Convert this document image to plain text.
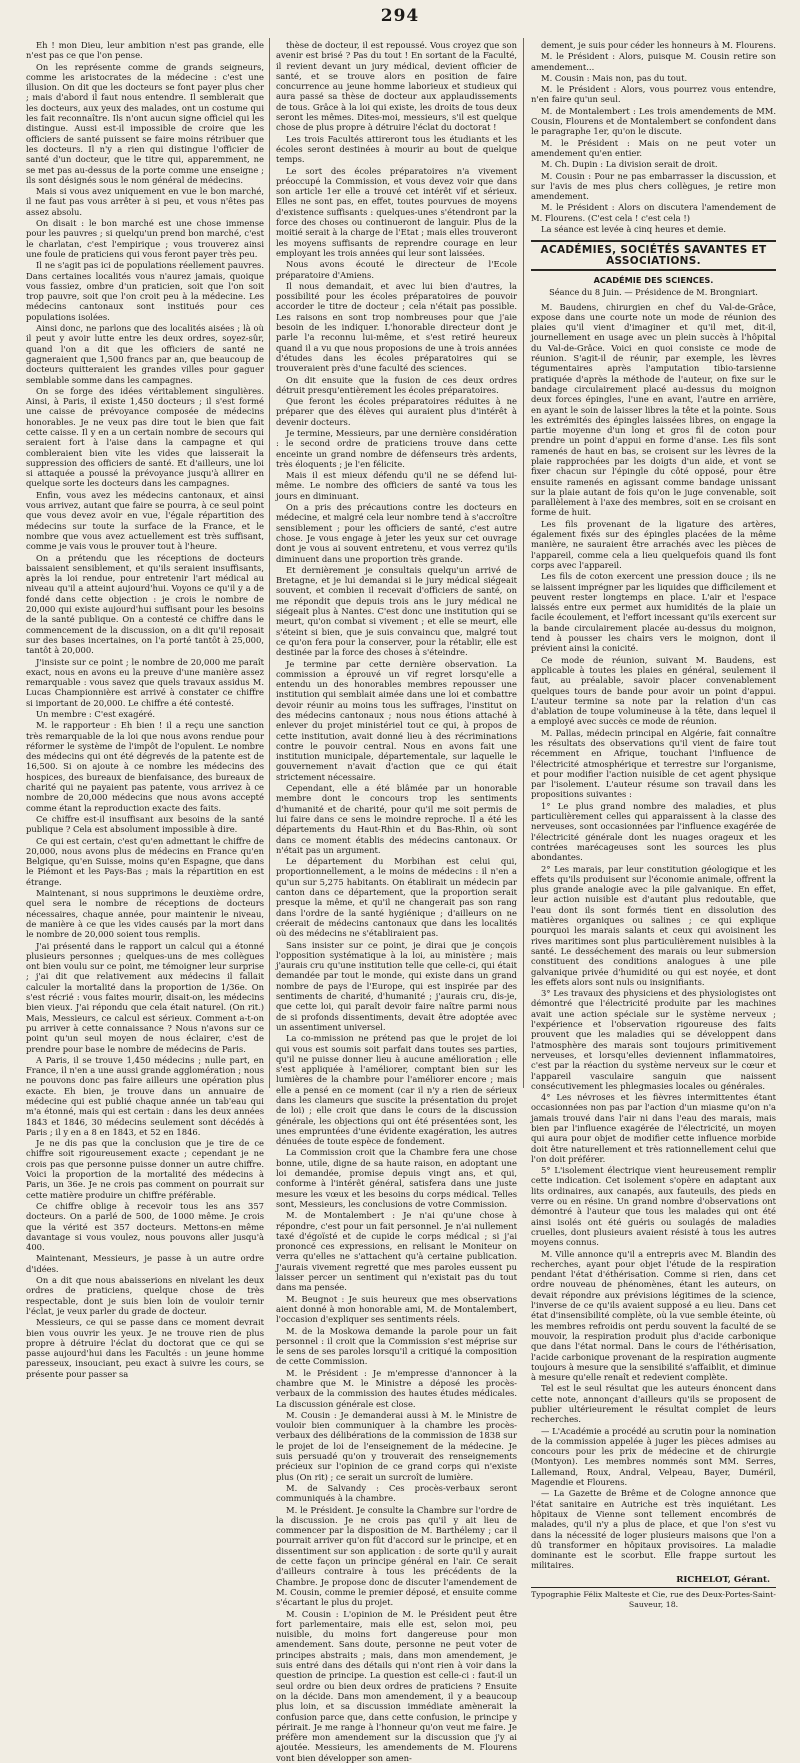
294

Eh ! mon Dieu, leur ambition n'est pas grande, elle n'est pas ce que l'on pense.

On les représente comme de grands seigneurs, comme les aristocrates de la médecine : c'est une illusion. On dit que les docteurs se font payer plus cher ; mais d'abord il faut nous entendre. Il semblerait que les docteurs, aux yeux des malades, ont un costume qui les fait reconnaître. Ils n'ont aucun signe officiel qui les distingue. Aussi est-il impossible de croire que les officiers de santé puissent se faire moins rétribuer que les docteurs. Il n'y a rien qui distingue l'officier de santé d'un docteur, que le titre qui, apparemment, ne se met pas au-dessus de la porte comme une enseigne ; ils sont désignés sous le nom général de médecins.

Mais si vous avez uniquement en vue le bon marché, il ne faut pas vous arrêter à si peu, et vous n'êtes pas assez absolu.

On disait : le bon marché est une chose immense pour les pauvres ; si quelqu'un prend bon marché, c'est le charlatan, c'est l'empirique ; vous trouverez ainsi une foule de praticiens qui vous feront payer très peu.

Il ne s'agit pas ici de populations réellement pauvres. Dans certaines localités vous n'aurez jamais, quoique vous fassiez, ombre d'un praticien, soit que l'on soit trop pauvre, soit que l'on croit peu à la médecine. Les médecins cantonaux sont institués pour ces populations isolées.

Ainsi donc, ne parlons que des localités aisées ; là où il peut y avoir lutte entre les deux ordres, soyez-sûr, quand l'on a dit que les officiers de santé ne gagneraient que 1,500 francs par an, que beaucoup de docteurs quitteraient les grandes villes pour gaguer semblable somme dans les campagnes.

On se forge des idées véritablement singulières. Ainsi, à Paris, il existe 1,450 docteurs ; il s'est formé une caisse de prévoyance composée de médecins honorables. Je ne veux pas dire tout le bien que fait cette caisse. Il y en a un certain nombre de secours qui seraient fort à l'aise dans la campagne et qui combleraient bien vite les vides que laisserait la suppression des officiers de santé. Et d'ailleurs, une loi si attaquée a poussé la prévoyance jusqu'à allirer en quelque sorte les docteurs dans les campagnes.

Enfin, vous avez les médecins cantonaux, et ainsi vous arrivez, autant que faire se pourra, à ce seul point que vous devez avoir en vue, l'égale répartition des médecins sur toute la surface de la France, et le nombre que vous avez actuellement est très suffisant, comme je vais vous le prouver tout à l'heure.

On a prétendu que les réceptions de docteurs baissaient sensiblement, et qu'ils seraient insuffisants, après la loi rendue, pour entretenir l'art médical au niveau qu'il a atteint aujourd'hui. Voyons ce qu'il y a de fondé dans cette objection : je crois le nombre de 20,000 qui existe aujourd'hui suffisant pour les besoins de la santé publique. On a contesté ce chiffre dans le commencement de la discussion, on a dit qu'il reposait sur des bases incertaines, on l'a porté tantôt à 25,000, tantôt à 20,000.

J'insiste sur ce point ; le nombre de 20,000 me paraît exact, nous en avons eu la preuve d'une manière assez remarquable : vous savez que quels travaux assidus M. Lucas Championnière est arrivé à constater ce chiffre si important de 20,000. Le chiffre a été contesté.

Un membre : C'est exagéré.

M. le rapporteur : Eh bien ! il a reçu une sanction très remarquable de la loi que nous avons rendue pour réformer le système de l'impôt de l'opulent. Le nombre des médecins qui ont été dégrevés de la patente est de 16,500. Si on ajoute à ce nombre les médecins des hospices, des bureaux de bienfaisance, des bureaux de charité qui ne payaient pas patente, vous arrivez à ce nombre de 20,000 médecins que nous avons accepté comme étant la reproduction exacte des faits.

Ce chiffre est-il insuffisant aux besoins de la santé publique ? Cela est absolument impossible à dire.

Ce qui est certain, c'est qu'en admettant le chiffre de 20,000, nous avons plus de médecins en France qu'en Belgique, qu'en Suisse, moins qu'en Espagne, que dans le Piémont et les Pays-Bas ; mais la répartition en est étrange.

Maintenant, si nous supprimons le deuxième ordre, quel sera le nombre de réceptions de docteurs nécessaires, chaque année, pour maintenir le niveau, de manière à ce que les vides causés par la mort dans le nombre de 20,000 soient tous remplis.

J'ai présenté dans le rapport un calcul qui a étonné plusieurs personnes ; quelques-uns de mes collègues ont bien voulu sur ce point, me témoigner leur surprise ; j'ai dit que relativement aux médecins il fallait calculer la mortalité dans la proportion de 1/36e. On s'est récrié : vous faites mourir, disait-on, les médecins bien vieux. J'ai répondu que cela était naturel. (On rit.) Mais, Messieurs, ce calcul est sérieux. Comment a-t-on pu arriver à cette connaissance ? Nous n'avons sur ce point qu'un seul moyen de nous éclairer, c'est de prendre pour base le nombre de médecins de Paris.

A Paris, il se trouve 1,450 médecins ; nulle part, en France, il n'en a une aussi grande agglomération ; nous ne pouvons donc pas faire ailleurs une opération plus exacte. Eh bien, je trouve dans un annuaire de médecine qui est publié chaque année un tab'eau qui m'a étonné, mais qui est certain : dans les deux années 1843 et 1846, 30 médecins seulement sont décédés à Paris ; il y en a 8 en 1843, et 52 en 1846.

Je ne dis pas que la conclusion que je tire de ce chiffre soit rigoureusement exacte ; cependant je ne crois pas que personne puisse donner un autre chiffre. Voici la proportion de la mortalité des médecins à Paris, un 36e. Je ne crois pas comment on pourrait sur cette matière produire un chiffre préférable.

Ce chiffre oblige à recevoir tous les ans 357 docteurs. On a parlé de 500, de 1000 même. Je crois que la vérité est 357 docteurs. Mettons-en même davantage si vous voulez, nous pouvons aller jusqu'à 400.

Maintenant, Messieurs, je passe à un autre ordre d'idées.

On a dit que nous abaisserions en nivelant les deux ordres de praticiens, quelque chose de très respectable, dont je suis bien loin de vouloir ternir l'éclat, je veux parler du grade de docteur.

Messieurs, ce qui se passe dans ce moment devrait bien vous ouvrir les yeux. Je ne trouve rien de plus propre à détruire l'éclat du doctorat que ce qui se passe aujourd'hui dans les Facultés : un jeune homme paresseux, insouciant, peu exact à suivre les cours, se présente pour passer sa

thèse de docteur, il est repoussé. Vous croyez que son avenir est brisé ? Pas du tout ! En sortant de la Faculté, il revient devant un jury médical, devient officier de santé, et se trouve alors en position de faire concurrence au jeune homme laborieux et studieux qui aura passé sa thèse de docteur aux applaudissements de tous. Grâce à la loi qui existe, les droits de tous deux seront les mêmes. Dites-moi, messieurs, s'il est quelque chose de plus propre à détruire l'éclat du doctorat !

Les trois Facultés attireront tous les étudiants et les écoles seront destinées à mourir au bout de quelque temps.

Le sort des écoles préparatoires n'a vivement préoccupé la Commission, et vous devez voir que dans son article 1er elle a trouvé cet intérêt vif et sérieux. Elles ne sont pas, en effet, toutes pourvues de moyens d'existence suffisants : quelques-unes s'étendront par la force des choses ou continueront de languir. Plus de la moitié serait à la charge de l'Etat ; mais elles trouveront les moyens suffisants de reprendre courage en leur employant les trois années qui leur sont laissées.

Nous avons écouté le directeur de l'Ecole préparatoire d'Amiens.

Il nous demandait, et avec lui bien d'autres, la possibilité pour les écoles préparatoires de pouvoir accorder le titre de docteur ; cela n'était pas possible. Les raisons en sont trop nombreuses pour que j'aie besoin de les indiquer. L'honorable directeur dont je parle l'a reconnu lui-même, et s'est retiré heureux quand il a vu que nous proposions de une à trois années d'études dans les écoles préparatoires qui se trouveraient près d'une faculté des sciences.

On dit ensuite que la fusion de ces deux ordres détruit presqu'entièrement les écoles préparatoires.

Que feront les écoles préparatoires réduites à ne préparer que des élèves qui auraient plus d'intérêt à devenir docteurs.

Je termine, Messieurs, par une dernière considération : le second ordre de praticiens trouve dans cette enceinte un grand nombre de défenseurs très ardents, très éloquents ; je l'en félicite.

Mais il est mieux défendu qu'il ne se défend lui-même. Le nombre des officiers de santé va tous les jours en diminuant.

On a pris des précautions contre les docteurs en médecine, et malgré cela leur nombre tend à s'accroître sensiblement ; pour les officiers de santé, c'est autre chose. Je vous engage à jeter les yeux sur cet ouvrage dont je vous ai souvent entretenu, et vous verrez qu'ils diminuent dans une proportion très grande.

Et dernièrement je consultais quelqu'un arrivé de Bretagne, et je lui demandai si le jury médical siégeait souvent, et combien il recevait d'officiers de santé, on me répondit que depuis trois ans le jury médical ne siégeait plus à Nantes. C'est donc une institution qui se meurt, qu'on combat si vivement ; et elle se meurt, elle s'éteint si bien, que je suis convaincu que, malgré tout ce qu'on fera pour la conserver, pour la rétablir, elle est destinée par la force des choses à s'éteindre.

Je termine par cette dernière observation. La commission a éprouvé un vif regret lorsqu'elle a entendu un des honorables membres repousser une institution qui semblait aimée dans une loi et combattre devoir réunir au moins tous les suffrages, l'institut on des médecins cantonaux ; nous nous étions attaché à enlever du projet ministériel tout ce qui, à propos de cette institution, avait donné lieu à des récriminations contre le pouvoir central. Nous en avons fait une institution municipale, départementale, sur laquelle le gouvernement n'avait d'action que ce qui était strictement nécessaire.

Cependant, elle a été blâmée par un honorable membre dont le concours trop les sentiments d'humanité et de charité, pour qu'il me soit permis de lui faire dans ce sens le moindre reproche. Il a été les départements du Haut-Rhin et du Bas-Rhin, où sont dans ce moment établis des médecins cantonaux. Or n'était pas un argument.

Le département du Morbihan est celui qui, proportionnellement, a le moins de médecins : il n'en a qu'un sur 5,275 habitants. On établirait un médecin par canton dans ce département, que la proportion serait presque la même, et qu'il ne changerait pas son rang dans l'ordre de la santé hygiénique ; d'ailleurs on ne créerait de médecins cantonaux que dans les localités où des médecins ne s'établiraient pas.

Sans insister sur ce point, je dirai que je conçois l'opposition systématique à la loi, au ministère ; mais j'aurais cru qu'une institution telle que celle-ci, qui était demandée par tout le monde, qui existe dans un grand nombre de pays de l'Europe, qui est inspirée par des sentiments de charité, d'humanité ; j'aurais cru, dis-je, que cette loi, qui paraît devoir faire naître parmi nous de si profonds dissentiments, devait être adoptée avec un assentiment universel.

La co-mmission ne prétend pas que le projet de loi qui vous est soumis soit parfait dans toutes ses parties, qu'il ne puisse donner lieu à aucune amélioration ; elle s'est appliquée à l'améliorer, comptant bien sur les lumières de la chambre pour l'améliorer encore ; mais elle a pensé en ce moment (car il n'y a rien de sérieux dans les clameurs que suscite la présentation du projet de loi) ; elle croit que dans le cours de la discussion générale, les objections qui ont été présentées sont, les unes empruntées d'une évidente exagération, les autres dénuées de toute espèce de fondement.

La Commission croit que la Chambre fera une chose bonne, utile, digne de sa haute raison, en adoptant une loi demandée, promise depuis vingt ans, et qui, conforme à l'intérêt général, satisfera dans une juste mesure les vœux et les besoins du corps médical. Telles sont, Messieurs, les conclusions de votre Commission.

M. de Montalembert : Je n'ai qu'une chose à répondre, c'est pour un fait personnel. Je n'ai nullement taxé d'égoïsté et de cupide le corps médical ; si j'ai prononcé ces expressions, en relisant le Moniteur on verra qu'elles ne s'attachent qu'à certaine publication. J'aurais vivement regretté que mes paroles eussent pu laisser percer un sentiment qui n'existait pas du tout dans ma pensée.

M. Beugnot : Je suis heureux que mes observations aient donné à mon honorable ami, M. de Montalembert, l'occasion d'expliquer ses sentiments réels.

M. de la Moskowa demande la parole pour un fait personnel : il croit que la Commission s'est méprise sur le sens de ses paroles lorsqu'il a critiqué la composition de cette Commission.

M. le Président : Je m'empresse d'annoncer à la chambre que M. le Ministre a déposé les procès-verbaux de la commission des hautes études médicales. La discussion générale est close.

M. Cousin : Je demanderai aussi à M. le Ministre de vouloir bien communiquer à la chambre les procès-verbaux des délibérations de la commission de 1838 sur le projet de loi de l'enseignement de la médecine. Je suis persuadé qu'on y trouverait des renseignements précieux sur l'opinion de ce grand corps qui n'existe plus (On rit) ; ce serait un surcroît de lumière.

M. de Salvandy : Ces procès-verbaux seront communiqués à la chambre.

M. le Président. Je consulte la Chambre sur l'ordre de la discussion. Je ne crois pas qu'il y ait lieu de commencer par la disposition de M. Barthélemy ; car il pourrait arriver qu'on fût d'accord sur le principe, et en dissentiment sur son application : de sorte qu'il y aurait de cette façon un principe général en l'air. Ce serait d'ailleurs contraire à tous les précédents de la Chambre. Je propose donc de discuter l'amendement de M. Cousin, comme le premier déposé, et ensuite comme s'écartant le plus du projet.

M. Cousin : L'opinion de M. le Président peut être fort parlementaire, mais elle est, selon moi, peu nuisible, du moins fort dangereuse pour mon amendement. Sans doute, personne ne peut voter de principes abstraits ; mais, dans mon amendement, je suis entré dans des détails qui n'ont rien à voir dans la question de principe. La question est celle-ci : faut-il un seul ordre ou bien deux ordres de praticiens ? Ensuite on la décide. Dans mon amendement, il y a beaucoup plus loin, et sa discussion immédiate amènerait la confusion parce que, dans cette confusion, le principe y périrait. Je me range à l'honneur qu'on veut me faire. Je préfère mon amendement sur la discussion que j'y ai ajoutée. Messieurs, les amendements de M. Flourens vont bien développer son amen-

dement, je suis pour céder les honneurs à M. Flourens.

M. le Président : Alors, puisque M. Cousin retire son amendement...

M. Cousin : Mais non, pas du tout.

M. le Président : Alors, vous pourrez vous entendre, n'en faire qu'un seul.

M. de Montalembert : Les trois amendements de MM. Cousin, Flourens et de Montalembert se confondent dans le paragraphe 1er, qu'on le discute.

M. le Président : Mais on ne peut voter un amendement qu'en entier.

M. Ch. Dupin : La division serait de droit.

M. Cousin : Pour ne pas embarrasser la discussion, et sur l'avis de mes plus chers collègues, je retire mon amendement.

M. le Président : Alors on discutera l'amendement de M. Flourens. (C'est cela ! c'est cela !)

La séance est levée à cinq heures et demie.

ACADÉMIES, SOCIÉTÉS SAVANTES ET ASSOCIATIONS.
ACADÉMIE DES SCIENCES.
Séance du 8 Juin. — Présidence de M. Brongniart.

M. Baudens, chirurgien en chef du Val-de-Grâce, expose dans une courte note un mode de réunion des plaies qu'il vient d'imaginer et qu'il met, dit-il, journellement en usage avec un plein succès à l'hôpital du Val-de-Grâce. Voici en quoi consiste ce mode de réunion. S'agit-il de réunir, par exemple, les lèvres tégumentaires après l'amputation tibio-tarsienne pratiquée d'après la méthode de l'auteur, on fixe sur le bandage circulairement placé au-dessus du moignon deux forces épingles, l'une en avant, l'autre en arrière, en ayant le soin de laisser libres la tête et la pointe. Sous les extrémités des épingles laissées libres, on engage la partie moyenne d'un long et gros fil de coton pour prendre un point d'appui en forme d'anse. Les fils sont ramenés de haut en bas, se croisent sur les lèvres de la plaie rapprochées par les doigts d'un aide, et vont se fixer chacun sur l'épingle du côté opposé, pour être ensuite ramenés en agissant comme bandage unissant sur la plaie autant de fois qu'on le juge convenable, soit parallèlement à l'axe des membres, soit en se croisant en forme de huit.

Les fils provenant de la ligature des artères, également fixés sur des épingles placées de la même manière, ne sauraient être arrachés avec les pièces de l'appareil, comme cela a lieu quelquefois quand ils font corps avec l'appareil.

Les fils de coton exercent une pression douce ; ils ne se laissent imprégner par les liquides que difficilement et peuvent rester longtemps en place. L'air et l'espace laissés entre eux permet aux humidités de la plaie un facile écoulement, et l'effort incessant qu'ils exercent sur la bande circulairement placée au-dessus du moignon, tend à pousser les chairs vers le moignon, dont il prévient ainsi la conicité.

Ce mode de réunion, suivant M. Baudens, est applicable à toutes les plaies en général, seulement il faut, au préalable, savoir placer convenablement quelques tours de bande pour avoir un point d'appui. L'auteur termine sa note par la relation d'un cas d'ablation de toupe volumineuse à la tête, dans lequel il a employé avec succès ce mode de réunion.

M. Pallas, médecin principal en Algérie, fait connaître les résultats des observations qu'il vient de faire tout récemment en Afrique, touchant l'influence de l'électricité atmosphérique et terrestre sur l'organisme, et pour modifier l'action nuisible de cet agent physique par l'isolement. L'auteur résume son travail dans les propositions suivantes :

1° Le plus grand nombre des maladies, et plus particulièrement celles qui apparaissent à la classe des nerveuses, sont occasionnées par l'influence exagérée de l'électricité générale dont les nuages orageux et les contrées marécageuses sont les sources les plus abondantes.

2° Les marais, par leur constitution géologique et les effets qu'ils produisent sur l'économie animale, offrent la plus grande analogie avec la pile galvanique. En effet, leur action nuisible est d'autant plus redoutable, que l'eau dont ils sont formés tient en dissolution des matières organiques ou salines ; ce qui explique pourquoi les marais salants et ceux qui avoisinent les rives maritimes sont plus particulièrement nuisibles à la santé. Le desséchement des marais ou leur submersion constituent des conditions analogues à une pile galvanique privée d'humidité ou qui est noyée, et dont les effets alors sont nuls ou insignifiants.

3° Les travaux des physiciens et des physiologistes ont démontré que l'électricité produite par les machines avait une action spéciale sur le système nerveux ; l'expérience et l'observation rigoureuse des faits prouvent que les maladies qui se développent dans l'atmosphère des marais sont toujours primitivement nerveuses, et lorsqu'elles deviennent inflammatoires, c'est par la réaction du système nerveux sur le cœur et l'appareil vasculaire sanguin que naissent consécutivement les phlegmasies locales ou générales.

4° Les névroses et les fièvres intermittentes étant occasionnées non pas par l'action d'un miasme qu'on n'a jamais trouvé dans l'air ni dans l'eau des marais, mais bien par l'influence exagérée de l'électricité, un moyen qui aura pour objet de modifier cette influence morbide doit être naturellement et très rationnellement celui que l'on doit préférer.

5° L'isolement électrique vient heureusement remplir cette indication. Cet isolement s'opère en adaptant aux lits ordinaires, aux canapés, aux fauteuils, des pieds en verre ou en résine. Un grand nombre d'observations ont démontré à l'auteur que tous les malades qui ont été ainsi isolés ont été guéris ou soulagés de maladies cruelles, dont plusieurs avaient résisté à tous les autres moyens connus.

M. Ville annonce qu'il a entrepris avec M. Blandin des recherches, ayant pour objet l'étude de la respiration pendant l'état d'éthérisation. Comme si rien, dans cet ordre nouveau de phénomènes, étant les auteurs, on devait répondre aux prévisions légitimes de la science, l'inverse de ce qu'ils avaient supposé a eu lieu. Dans cet état d'insensibilité complète, où la vue semble éteinte, où les membres refroidis ont perdu souvent la faculté de se mouvoir, la respiration produit plus d'acide carbonique que dans l'état normal. Dans le cours de l'éthérisation, l'acide carbonique provenant de la respiration augmente toujours à mesure que la sensibilité s'affaiblit, et diminue à mesure qu'elle renaît et redevient complète.

Tel est le seul résultat que les auteurs énoncent dans cette note, annonçant d'ailleurs qu'ils se proposent de publier ultérieurement le résultat complet de leurs recherches.

— L'Académie a procédé au scrutin pour la nomination de la commission appelée à juger les pièces admises au concours pour les prix de médecine et de chirurgie (Montyon). Les membres nommés sont MM. Serres, Lallemand, Roux, Andral, Velpeau, Bayer, Duméril, Magendie et Flourens.

— La Gazette de Brême et de Cologne annonce que l'état sanitaire en Autriche est très inquiétant. Les hôpitaux de Vienne sont tellement encombrés de malades, qu'il n'y a plus de place, et que l'on s'est vu dans la nécessité de loger plusieurs maisons que l'on a dû transformer en hôpitaux provisoires. La maladie dominante est le scorbut. Elle frappe surtout les militaires.

RICHELOT, Gérant.
Typographie Félix Malteste et Cie, rue des Deux-Portes-Saint-Sauveur, 18.
